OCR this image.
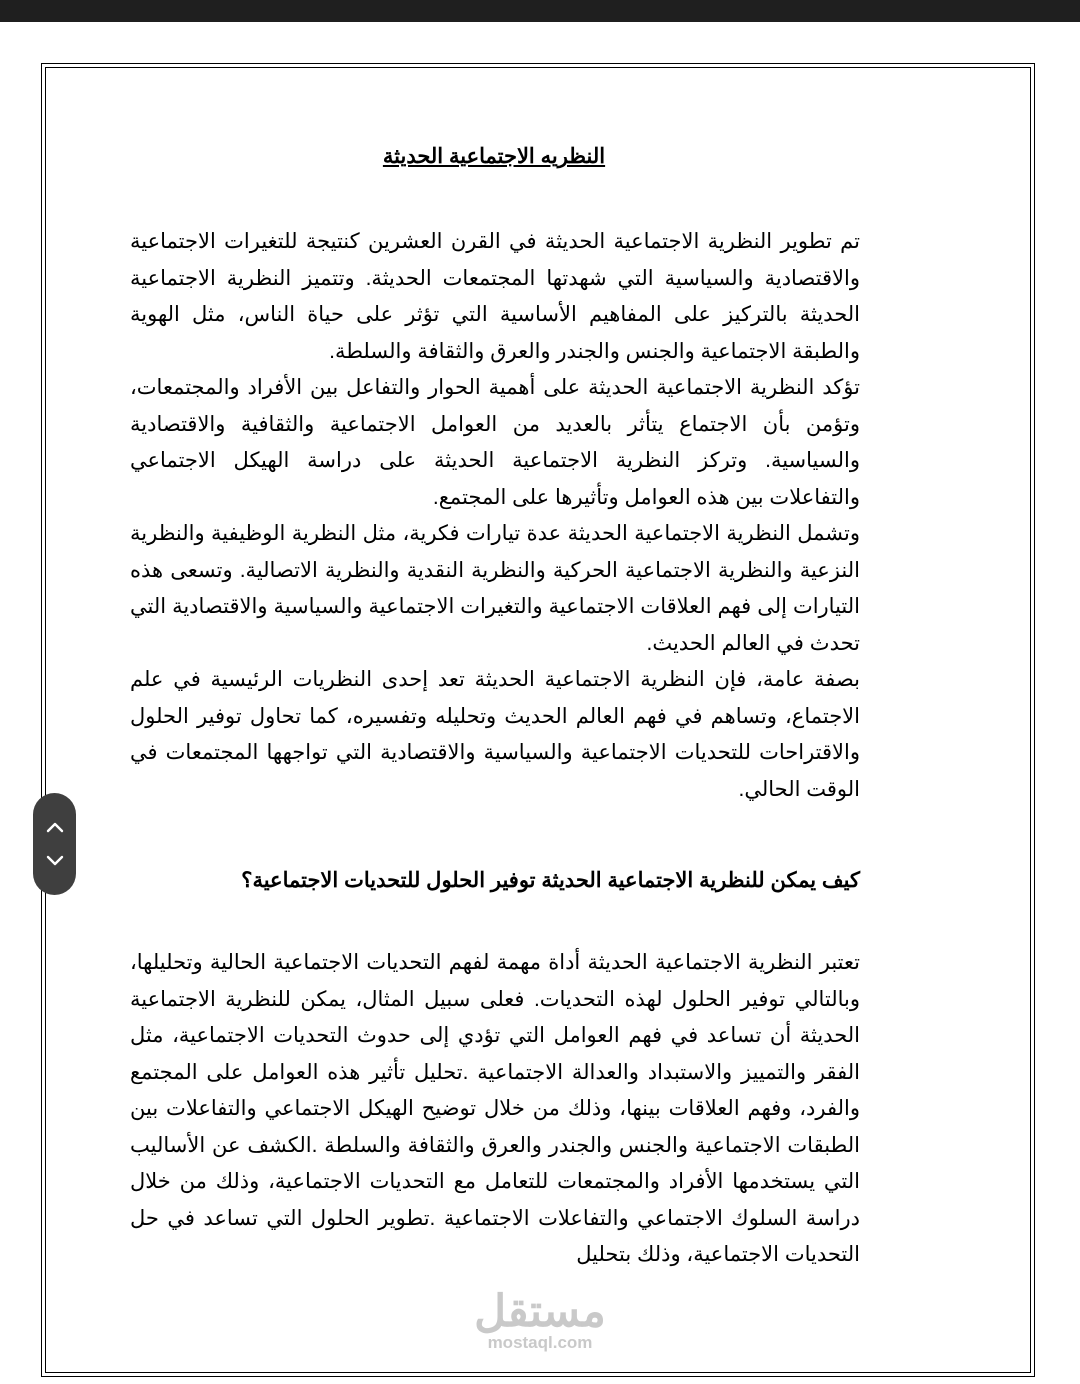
النظريه الاجتماعية الحديثة

تم تطوير النظرية الاجتماعية الحديثة في القرن العشرين كنتيجة للتغيرات الاجتماعية والاقتصادية والسياسية التي شهدتها المجتمعات الحديثة. وتتميز النظرية الاجتماعية الحديثة بالتركيز على المفاهيم الأساسية التي تؤثر على حياة الناس، مثل الهوية والطبقة الاجتماعية والجنس والجندر والعرق والثقافة والسلطة.

تؤكد النظرية الاجتماعية الحديثة على أهمية الحوار والتفاعل بين الأفراد والمجتمعات، وتؤمن بأن الاجتماع يتأثر بالعديد من العوامل الاجتماعية والثقافية والاقتصادية والسياسية. وتركز النظرية الاجتماعية الحديثة على دراسة الهيكل الاجتماعي والتفاعلات بين هذه العوامل وتأثيرها على المجتمع.

وتشمل النظرية الاجتماعية الحديثة عدة تيارات فكرية، مثل النظرية الوظيفية والنظرية النزعية والنظرية الاجتماعية الحركية والنظرية النقدية والنظرية الاتصالية. وتسعى هذه التيارات إلى فهم العلاقات الاجتماعية والتغيرات الاجتماعية والسياسية والاقتصادية التي تحدث في العالم الحديث.

بصفة عامة، فإن النظرية الاجتماعية الحديثة تعد إحدى النظريات الرئيسية في علم الاجتماع، وتساهم في فهم العالم الحديث وتحليله وتفسيره، كما تحاول توفير الحلول والاقتراحات للتحديات الاجتماعية والسياسية والاقتصادية التي تواجهها المجتمعات في الوقت الحالي.

كيف يمكن للنظرية الاجتماعية الحديثة توفير الحلول للتحديات الاجتماعية؟

تعتبر النظرية الاجتماعية الحديثة أداة مهمة لفهم التحديات الاجتماعية الحالية وتحليلها، وبالتالي توفير الحلول لهذه التحديات. فعلى سبيل المثال، يمكن للنظرية الاجتماعية الحديثة أن تساعد في فهم العوامل التي تؤدي إلى حدوث التحديات الاجتماعية، مثل الفقر والتمييز والاستبداد والعدالة الاجتماعية .تحليل تأثير هذه العوامل على المجتمع والفرد، وفهم العلاقات بينها، وذلك من خلال توضيح الهيكل الاجتماعي والتفاعلات بين الطبقات الاجتماعية والجنس والجندر والعرق والثقافة والسلطة .الكشف عن الأساليب التي يستخدمها الأفراد والمجتمعات للتعامل مع التحديات الاجتماعية، وذلك من خلال دراسة السلوك الاجتماعي والتفاعلات الاجتماعية .تطوير الحلول التي تساعد في حل التحديات الاجتماعية، وذلك بتحليل

مستقل
mostaql.com
